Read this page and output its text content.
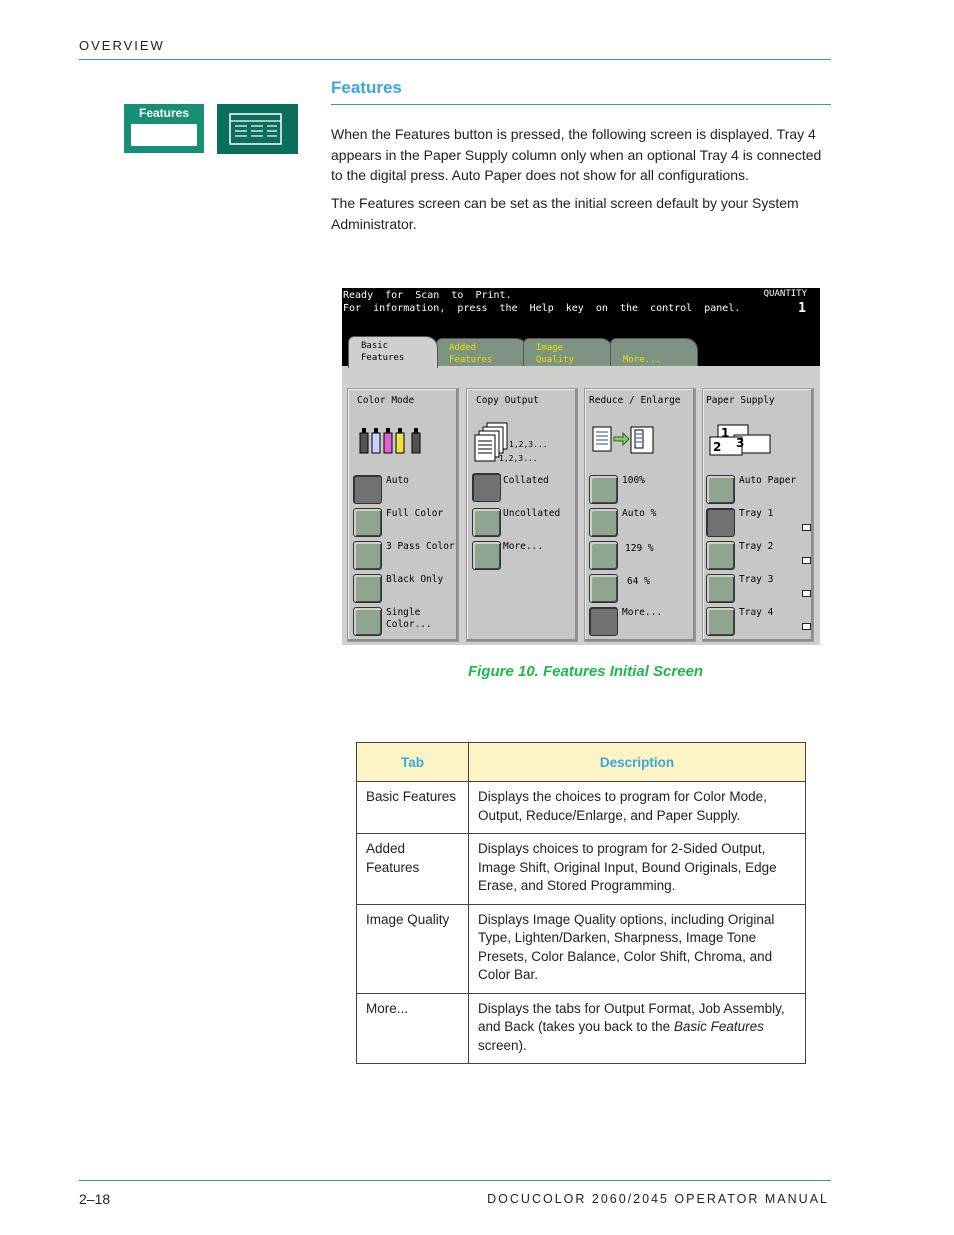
OVERVIEW
Features
Features
When the Features button is pressed, the following screen is displayed. Tray 4 appears in the Paper Supply column only when an optional Tray 4 is connected to the digital press. Auto Paper does not show for all configurations.
The Features screen can be set as the initial screen default by your System Administrator.
Ready  for  Scan  to  Print.
For  information,  press  the  Help  key  on  the  control  panel.
QUANTITY
1
Basic
Features
Added
Features
Image
Quality
	More...
Color Mode
Auto
Full Color
3 Pass Color
Black Only
Single
Color...
Copy Output
1,2,3...
1,2,3...
Collated
Uncollated
More...
Reduce / Enlarge
100%
Auto %
129 %
64 %
More...
Paper Supply
1
2 3
Auto Paper
Tray 1
Tray 2
Tray 3
Tray 4
Figure 10. Features Initial Screen
Tab	Description
Basic Features	Displays the choices to program for Color Mode, Output, Reduce/Enlarge, and Paper Supply.
Added Features	Displays choices to program for 2-Sided Output, Image Shift, Original Input, Bound Originals, Edge Erase, and Stored Programming.
Image Quality	Displays Image Quality options, including Original Type, Lighten/Darken, Sharpness, Image Tone Presets, Color Balance, Color Shift, Chroma, and Color Bar.
More...	Displays the tabs for Output Format, Job Assembly, and Back (takes you back to the Basic Features screen).
2–18	DOCUCOLOR 2060/2045 OPERATOR MANUAL
